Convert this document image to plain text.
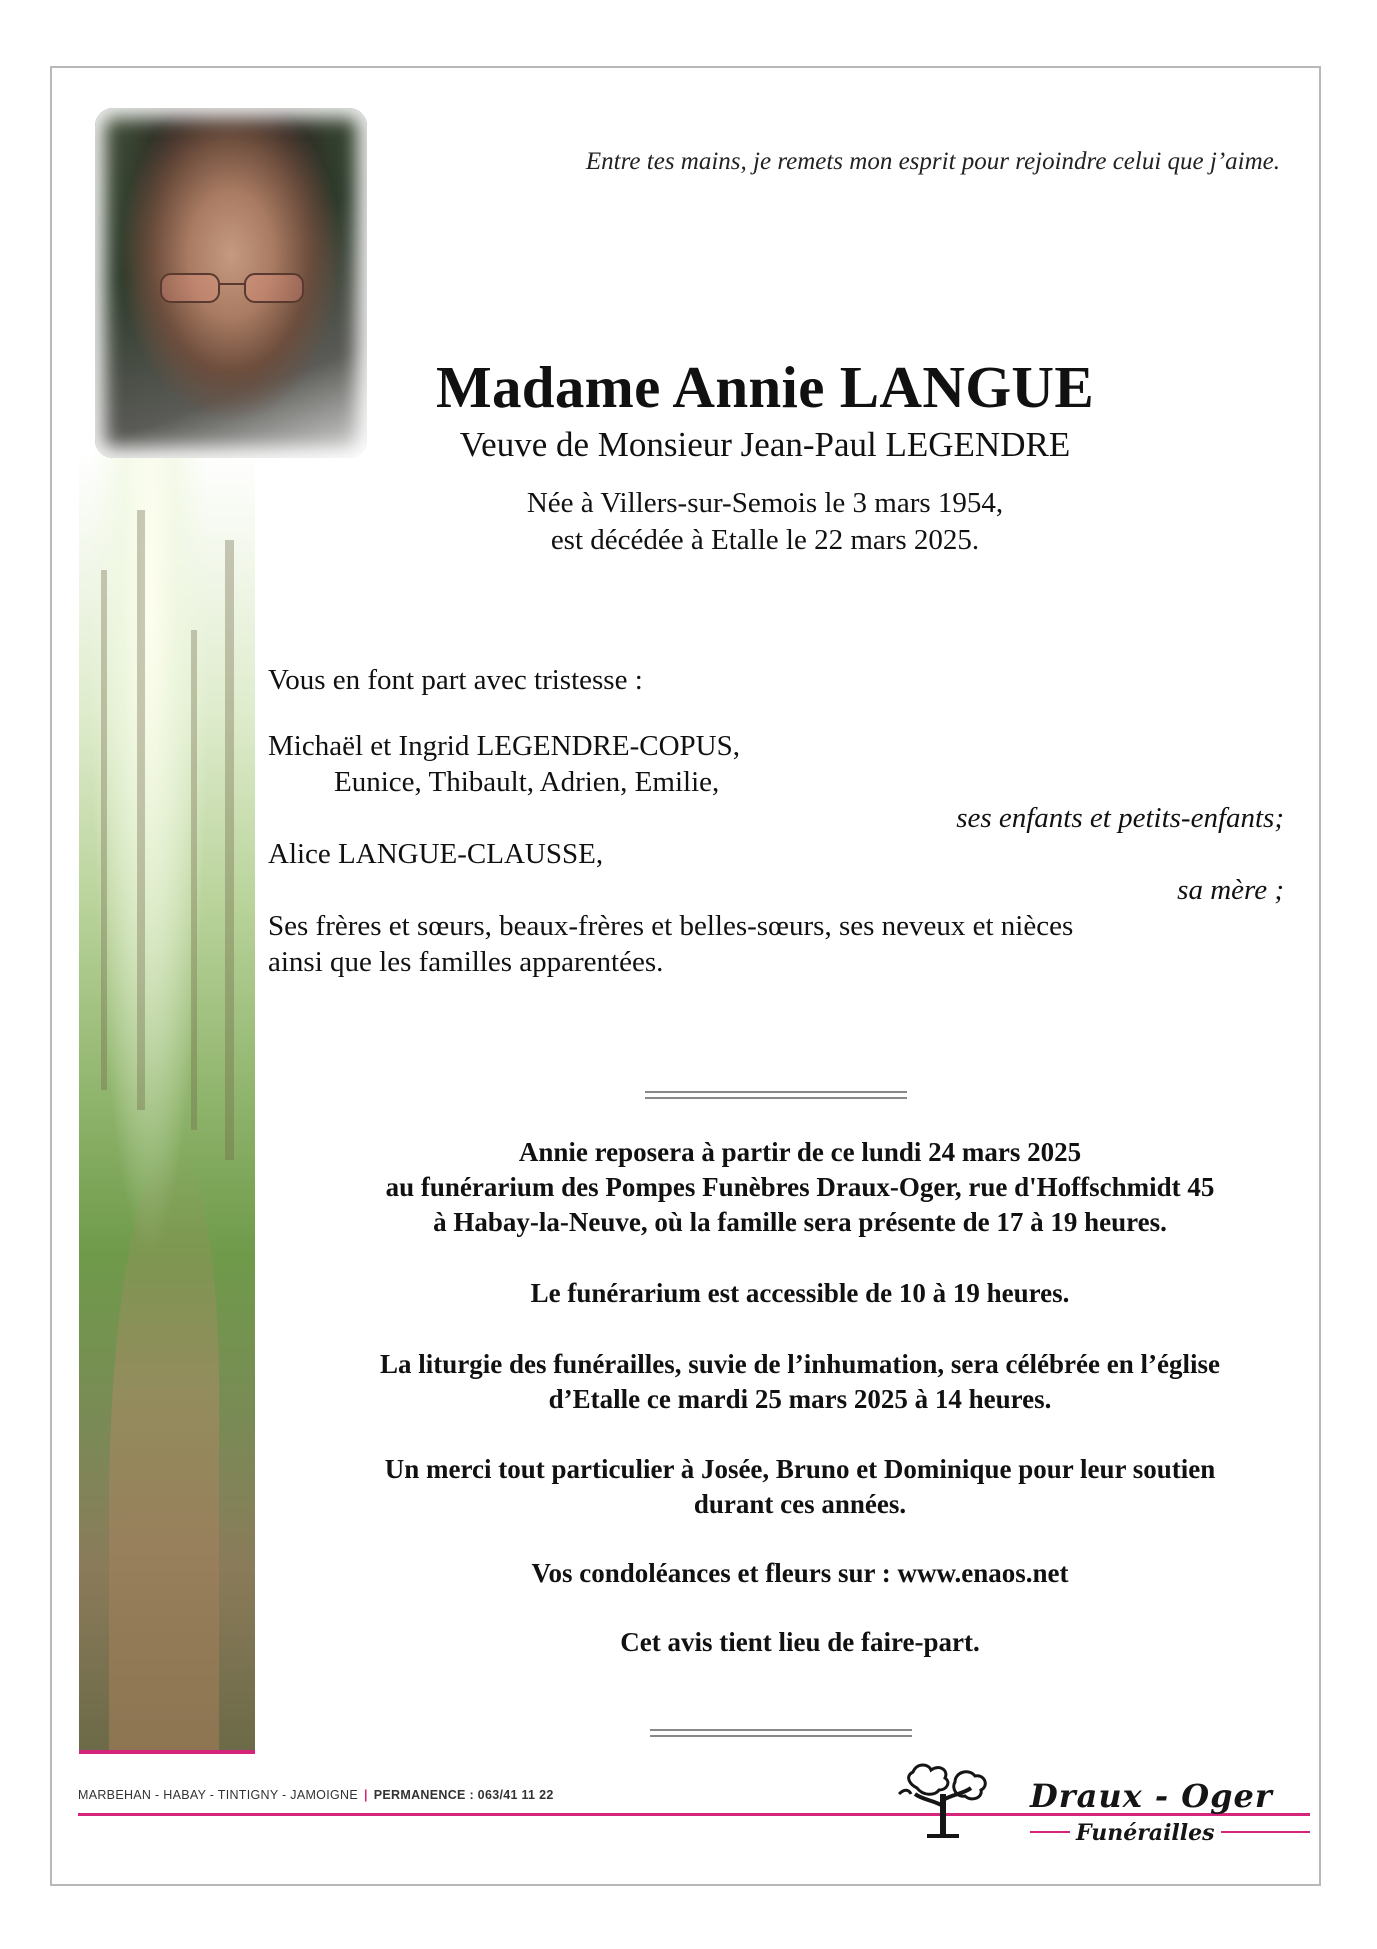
Entre tes mains, je remets mon esprit pour rejoindre celui que j’aime.
Madame Annie LANGUE
Veuve de Monsieur Jean-Paul LEGENDRE
Née à Villers-sur-Semois le 3 mars 1954,
est décédée à Etalle le 22 mars 2025.
Vous en font part avec tristesse :
Michaël et Ingrid LEGENDRE-COPUS,
Eunice, Thibault, Adrien, Emilie,
ses enfants et petits-enfants;
Alice LANGUE-CLAUSSE,
sa mère ;
Ses frères et sœurs, beaux-frères et belles-sœurs, ses neveux et nièces
ainsi que les familles apparentées.
Annie reposera à partir de ce lundi 24 mars 2025
au funérarium des Pompes Funèbres Draux-Oger, rue d'Hoffschmidt 45
à Habay-la-Neuve, où la famille sera présente de 17 à 19 heures.
Le funérarium est accessible de 10 à 19 heures.
La liturgie des funérailles, suvie de l’inhumation, sera célébrée en l’église
d’Etalle ce mardi 25 mars 2025 à 14 heures.
Un merci tout particulier à Josée, Bruno et Dominique pour leur soutien
durant ces années.
Vos condoléances et fleurs sur : www.enaos.net
Cet avis tient lieu de faire-part.
MARBEHAN - HABAY - TINTIGNY - JAMOIGNE | PERMANENCE : 063/41 11 22	Draux - Oger
Funérailles
